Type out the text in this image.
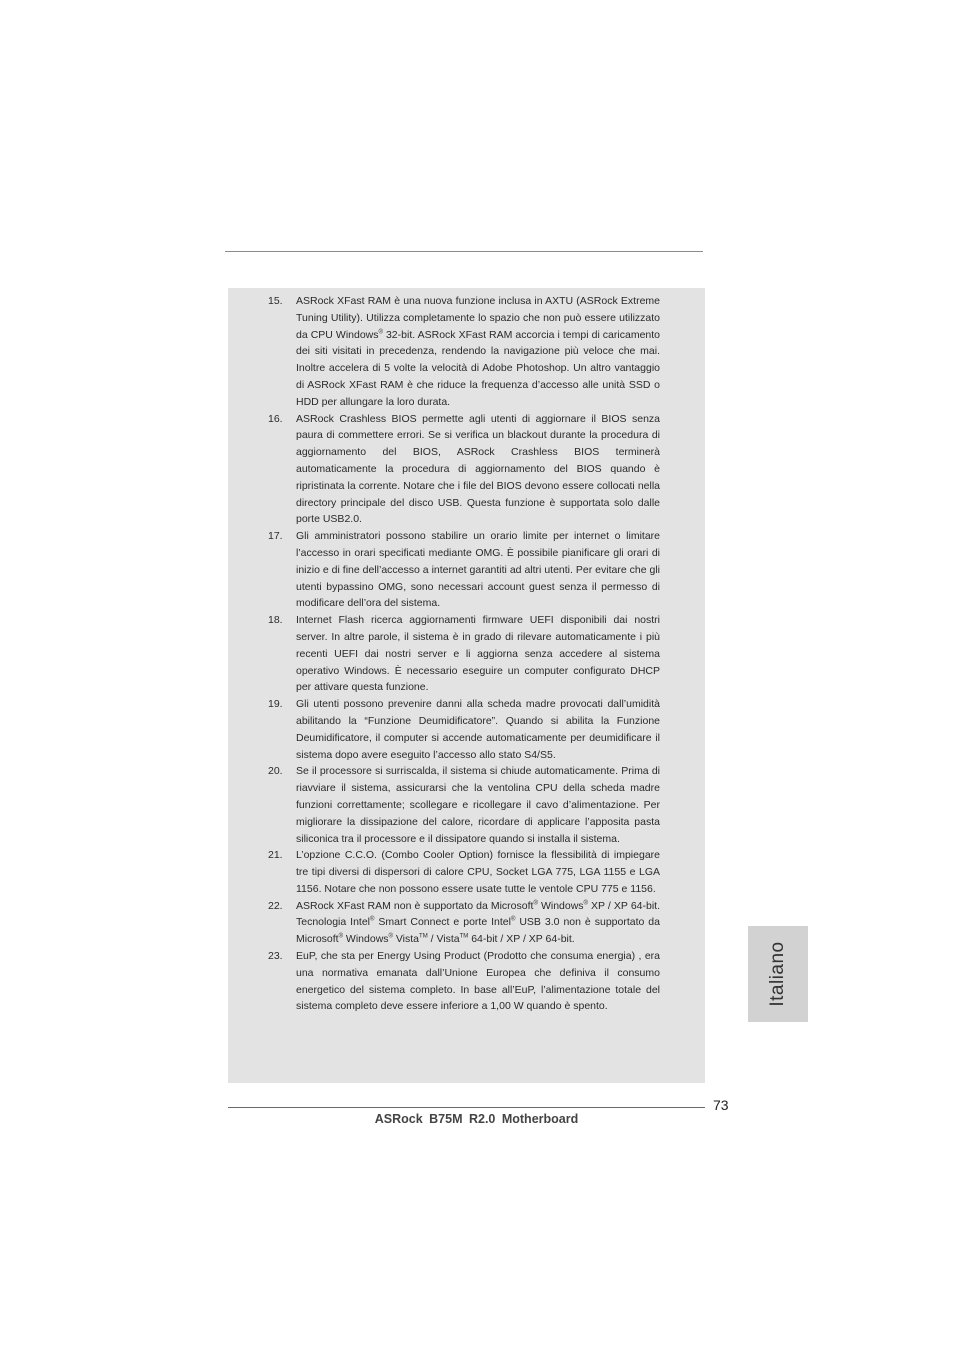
15.	ASRock XFast RAM è una nuova funzione inclusa in AXTU (ASRock Extreme Tuning Utility). Utilizza completamente lo spazio che non può essere utilizzato da CPU Windows® 32-bit. ASRock XFast RAM accorcia i tempi di caricamento dei siti visitati in precedenza, rendendo la navigazione più veloce che mai. Inoltre accelera di 5 volte la velocità di Adobe Photoshop. Un altro vantaggio di ASRock XFast RAM è che riduce la frequenza d’accesso alle unità SSD o HDD per allungare la loro durata.
16.	ASRock Crashless BIOS permette agli utenti di aggiornare il BIOS senza paura di commettere errori. Se si verifica un blackout durante la procedura di aggiornamento del BIOS, ASRock Crashless BIOS terminerà automaticamente la procedura di aggiornamento del BIOS quando è ripristinata la corrente. Notare che i file del BIOS devono essere collocati nella directory principale del disco USB. Questa funzione è supportata solo dalle porte USB2.0.
17.	Gli amministratori possono stabilire un orario limite per internet o limitare l’accesso in orari specificati mediante OMG. È possibile pianificare gli orari di inizio e di fine dell’accesso a internet garantiti ad altri utenti. Per evitare che gli utenti bypassino OMG, sono necessari account guest senza il permesso di modificare dell’ora del sistema.
18.	Internet Flash ricerca aggiornamenti firmware UEFI disponibili dai nostri server. In altre parole, il sistema è in grado di rilevare automaticamente i più recenti UEFI dai nostri server e li aggiorna senza accedere al sistema operativo Windows. È necessario eseguire un computer configurato DHCP per attivare questa funzione.
19.	Gli utenti possono prevenire danni alla scheda madre provocati dall’umidità abilitando la “Funzione Deumidificatore”. Quando si abilita la Funzione Deumidificatore, il computer si accende automaticamente per deumidificare il sistema dopo avere eseguito l’accesso allo stato S4/S5.
20.	Se il processore si surriscalda, il sistema si chiude automaticamente. Prima di riavviare il sistema, assicurarsi che la ventolina CPU della scheda madre funzioni correttamente; scollegare e ricollegare il cavo d’alimentazione. Per migliorare la dissipazione del calore, ricordare di applicare l’apposita pasta siliconica tra il processore e il dissipatore quando si installa il sistema.
21.	L’opzione C.C.O. (Combo Cooler Option) fornisce la flessibilità di impiegare tre tipi diversi di dispersori di calore CPU, Socket LGA 775, LGA 1155 e LGA 1156. Notare che non possono essere usate tutte le ventole CPU 775 e 1156.
22.	ASRock XFast RAM non è supportato da Microsoft® Windows® XP / XP 64-bit. Tecnologia Intel® Smart Connect e porte Intel® USB 3.0 non è supportato da Microsoft® Windows® Vista™ / Vista™ 64-bit / XP / XP 64-bit.
23.	EuP, che sta per Energy Using Product (Prodotto che consuma energia) , era una normativa emanata dall’Unione Europea che definiva il consumo energetico del sistema completo. In base all’EuP, l’alimentazione totale del sistema completo deve essere inferiore a 1,00 W quando è spento.	Italiano
73
ASRock B75M R2.0 Motherboard
